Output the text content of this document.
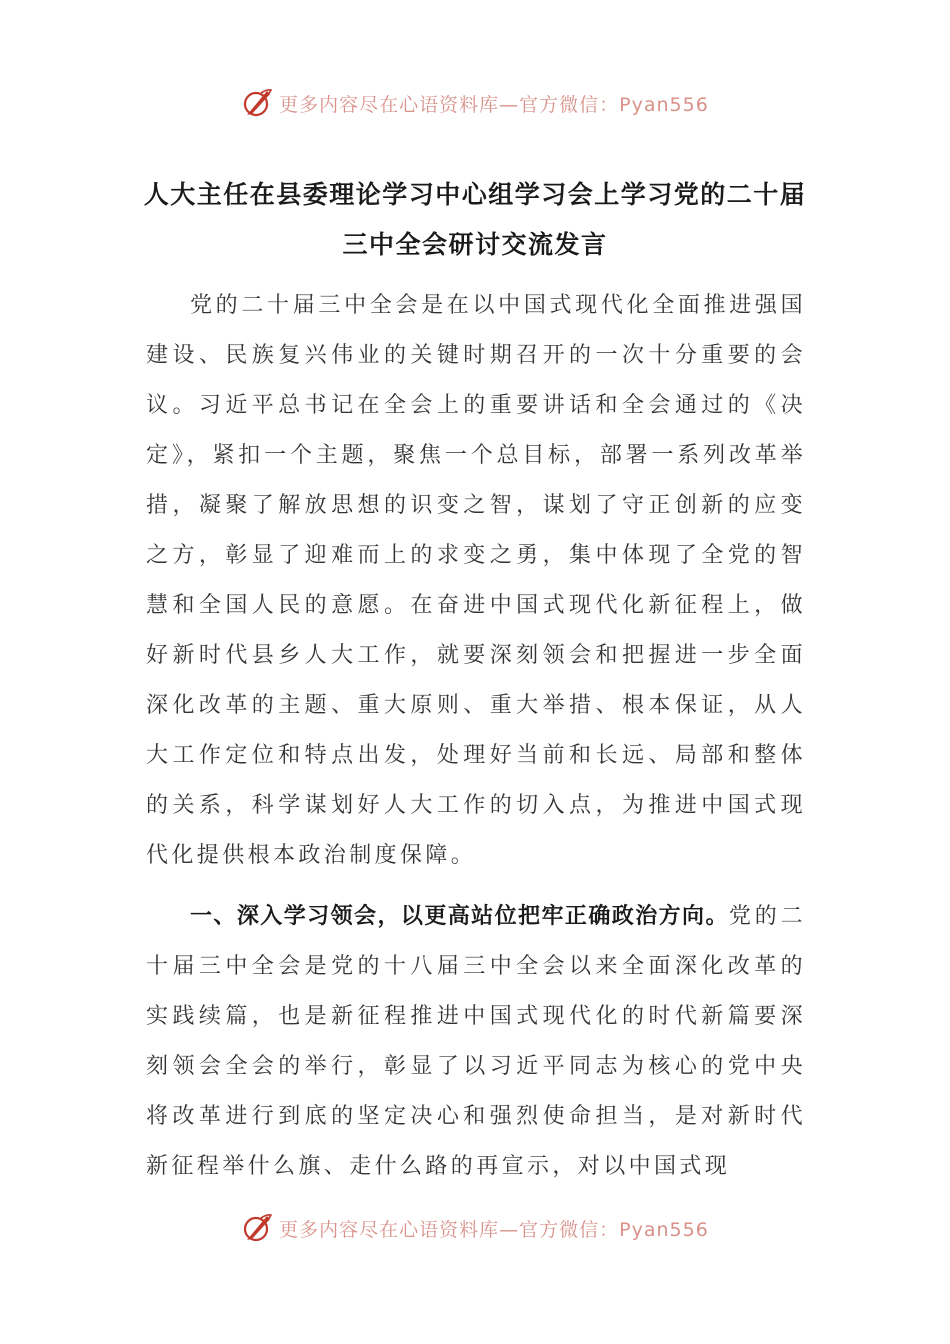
更多内容尽在心语资料库—官方微信：Pyan556
人大主任在县委理论学习中心组学习会上学习党的二十届
三中全会研讨交流发言

党的二十届三中全会是在以中国式现代化全面推进强国建设、民族复兴伟业的关键时期召开的一次十分重要的会议。习近平总书记在全会上的重要讲话和全会通过的《决定》，紧扣一个主题，聚焦一个总目标，部署一系列改革举措，凝聚了解放思想的识变之智，谋划了守正创新的应变之方，彰显了迎难而上的求变之勇，集中体现了全党的智慧和全国人民的意愿。在奋进中国式现代化新征程上，做好新时代县乡人大工作，就要深刻领会和把握进一步全面深化改革的主题、重大原则、重大举措、根本保证，从人大工作定位和特点出发，处理好当前和长远、局部和整体的关系，科学谋划好人大工作的切入点，为推进中国式现代化提供根本政治制度保障。

一、深入学习领会，以更高站位把牢正确政治方向。党的二十届三中全会是党的十八届三中全会以来全面深化改革的实践续篇，也是新征程推进中国式现代化的时代新篇要深刻领会全会的举行，彰显了以习近平同志为核心的党中央将改革进行到底的坚定决心和强烈使命担当，是对新时代新征程举什么旗、走什么路的再宣示，对以中国式现

更多内容尽在心语资料库—官方微信：Pyan556
